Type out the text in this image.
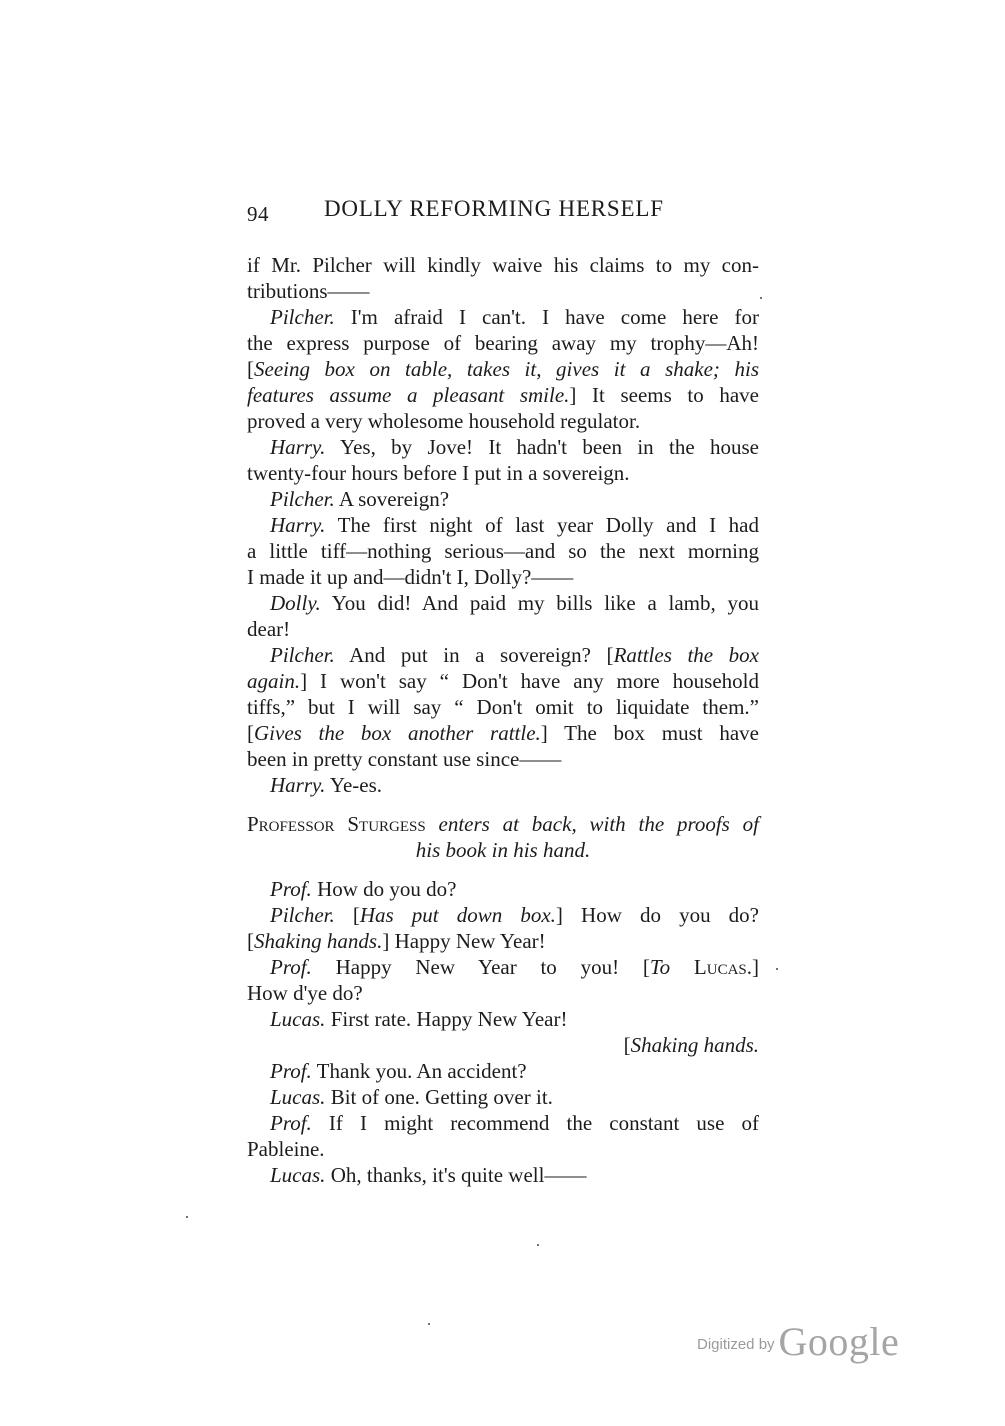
94 DOLLY REFORMING HERSELF
if Mr. Pilcher will kindly waive his claims to my con-
tributions——
Pilcher. I'm afraid I can't. I have come here for
the express purpose of bearing away my trophy—Ah!
[Seeing box on table, takes it, gives it a shake; his
features assume a pleasant smile.] It seems to have
proved a very wholesome household regulator.
Harry. Yes, by Jove! It hadn't been in the house
twenty-four hours before I put in a sovereign.
Pilcher. A sovereign?
Harry. The first night of last year Dolly and I had
a little tiff—nothing serious—and so the next morning
I made it up and—didn't I, Dolly?——
Dolly. You did! And paid my bills like a lamb, you
dear!
Pilcher. And put in a sovereign? [Rattles the box
again.] I won't say “ Don't have any more household
tiffs,” but I will say “ Don't omit to liquidate them.”
[Gives the box another rattle.] The box must have
been in pretty constant use since——
Harry. Ye-es.
Professor Sturgess enters at back, with the proofs of
his book in his hand.
Prof. How do you do?
Pilcher. [Has put down box.] How do you do?
[Shaking hands.] Happy New Year!
Prof. Happy New Year to you! [To Lucas.]
How d'ye do?
Lucas. First rate. Happy New Year!
[Shaking hands.
Prof. Thank you. An accident?
Lucas. Bit of one. Getting over it.
Prof. If I might recommend the constant use of
Pableine.
Lucas. Oh, thanks, it's quite well——
Digitized by Google
